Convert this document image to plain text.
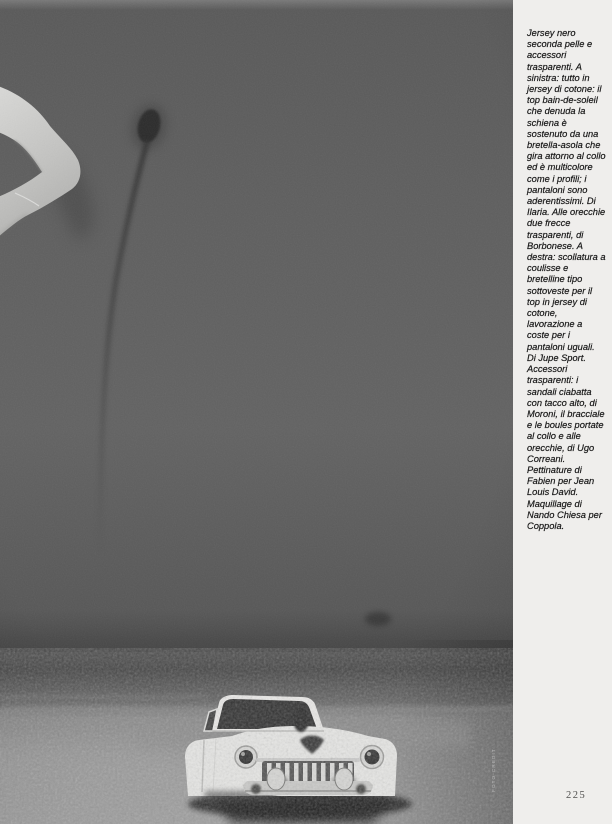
FOTO·CREDIT

Jersey nero seconda pelle e accessori trasparenti. A sinistra: tutto in jersey di cotone: il top bain-de-soleil che denuda la schiena è sostenuto da una bretella-asola che gira attorno al collo ed è multicolore come i profili; i pantaloni sono aderentissimi. Di Ilaria. Alle orecchie due frecce trasparenti, di Borbonese. A destra: scollatura a coulisse e bretelline tipo sottoveste per il top in jersey di cotone, lavorazione a coste per i pantaloni uguali. Di Jupe Sport. Accessori trasparenti: i sandali ciabatta con tacco alto, di Moroni, il bracciale e le boules portate al collo e alle orecchie, di Ugo Correani. Pettinature di Fabien per Jean Louis David. Maquillage di Nando Chiesa per Coppola.

225
